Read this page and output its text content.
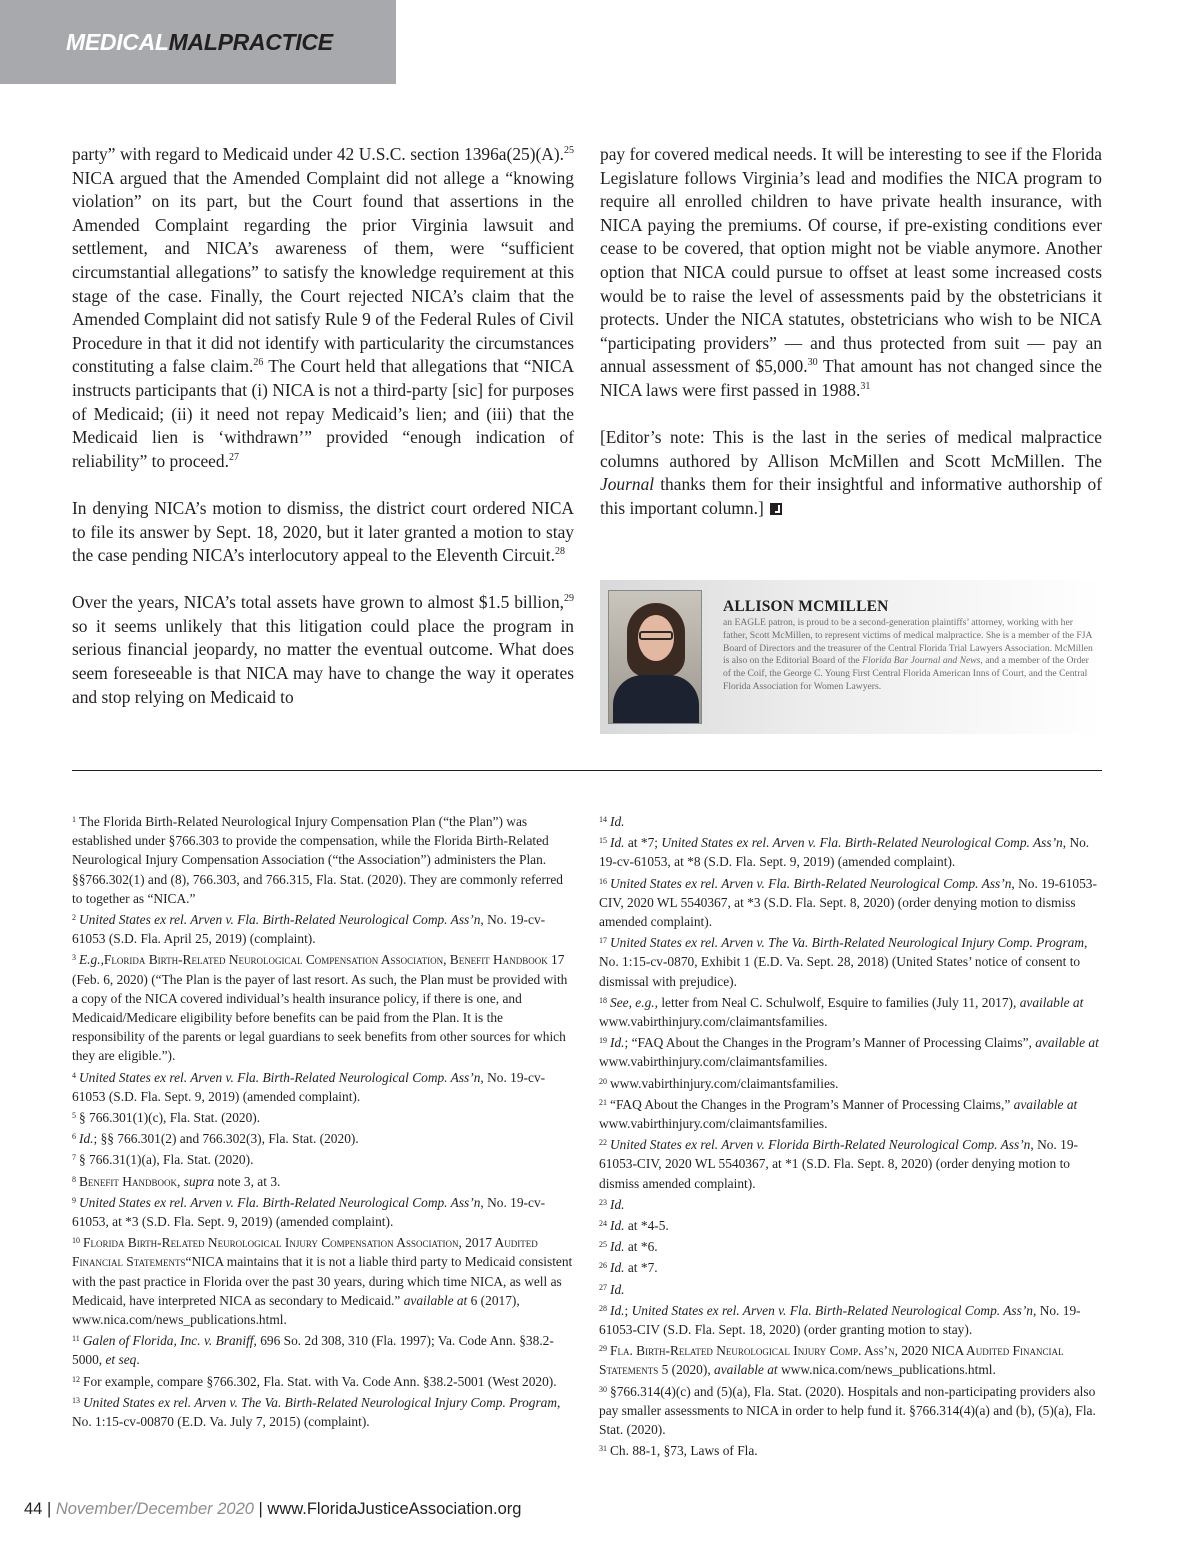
MEDICALMALPRACTICE

party” with regard to Medicaid under 42 U.S.C. section 1396a(25)(A).$^{25}$ NICA argued that the Amended Complaint did not allege a “knowing violation” on its part, but the Court found that assertions in the Amended Complaint regarding the prior Virginia lawsuit and settlement, and NICA’s awareness of them, were “sufficient circumstantial allegations” to satisfy the knowledge requirement at this stage of the case. Finally, the Court rejected NICA’s claim that the Amended Complaint did not satisfy Rule 9 of the Federal Rules of Civil Procedure in that it did not identify with particularity the circumstances constituting a false claim.$^{26}$ The Court held that allegations that “NICA instructs participants that (i) NICA is not a third-party [sic] for purposes of Medicaid; (ii) it need not repay Medicaid’s lien; and (iii) that the Medicaid lien is ‘withdrawn’” provided “enough indication of reliability” to proceed.$^{27}$

In denying NICA’s motion to dismiss, the district court ordered NICA to file its answer by Sept. 18, 2020, but it later granted a motion to stay the case pending NICA’s interlocutory appeal to the Eleventh Circuit.$^{28}$

Over the years, NICA’s total assets have grown to almost $1.5 billion,$^{29}$ so it seems unlikely that this litigation could place the program in serious financial jeopardy, no matter the eventual outcome. What does seem foreseeable is that NICA may have to change the way it operates and stop relying on Medicaid to

pay for covered medical needs. It will be interesting to see if the Florida Legislature follows Virginia’s lead and modifies the NICA program to require all enrolled children to have private health insurance, with NICA paying the premiums. Of course, if pre-existing conditions ever cease to be covered, that option might not be viable anymore. Another option that NICA could pursue to offset at least some increased costs would be to raise the level of assessments paid by the obstetricians it protects. Under the NICA statutes, obstetricians who wish to be NICA “participating providers” — and thus protected from suit — pay an annual assessment of $5,000.30 That amount has not changed since the NICA laws were first passed in 1988.31

[Editor’s note: This is the last in the series of medical malpractice columns authored by Allison McMillen and Scott McMillen. The Journal thanks them for their insightful and informative authorship of this important column.]

ALLISON MCMILLEN
an EAGLE patron, is proud to be a second-generation plaintiffs’ attorney, working with her father, Scott McMillen, to represent victims of medical malpractice. She is a member of the FJA Board of Directors and the treasurer of the Central Florida Trial Lawyers Association. McMillen is also on the Editorial Board of the Florida Bar Journal and News, and a member of the Order of the Coif, the George C. Young First Central Florida American Inns of Court, and the Central Florida Association for Women Lawyers.
$^1$ The Florida Birth-Related Neurological Injury Compensation Plan (“the Plan”) was established under §766.303 to provide the compensation, while the Florida Birth-Related Neurological Injury Compensation Association (“the Association”) administers the Plan. §§766.302(1) and (8), 766.303, and 766.315, Fla. Stat. (2020). They are commonly referred to together as “NICA.”
$^2$ United States ex rel. Arven v. Fla. Birth-Related Neurological Comp. Ass’n, No. 19-cv-61053 (S.D. Fla. April 25, 2019) (complaint).
$^3$ E.g.,Florida Birth-Related Neurological Compensation Association, Benefit Handbook 17 (Feb. 6, 2020) (“The Plan is the payer of last resort. As such, the Plan must be provided with a copy of the NICA covered individual’s health insurance policy, if there is one, and Medicaid/Medicare eligibility before benefits can be paid from the Plan. It is the responsibility of the parents or legal guardians to seek benefits from other sources for which they are eligible.”).
$^4$ United States ex rel. Arven v. Fla. Birth-Related Neurological Comp. Ass’n, No. 19-cv-61053 (S.D. Fla. Sept. 9, 2019) (amended complaint).
$^5$ § 766.301(1)(c), Fla. Stat. (2020).
$^6$ Id.; §§ 766.301(2) and 766.302(3), Fla. Stat. (2020).
$^7$ § 766.31(1)(a), Fla. Stat. (2020).
$^8$ Benefit Handbook, supra note 3, at 3.
$^9$ United States ex rel. Arven v. Fla. Birth-Related Neurological Comp. Ass’n, No. 19-cv-61053, at *3 (S.D. Fla. Sept. 9, 2019) (amended complaint).
$^{10}$ Florida Birth-Related Neurological Injury Compensation Association, 2017 Audited Financial Statements“NICA maintains that it is not a liable third party to Medicaid consistent with the past practice in Florida over the past 30 years, during which time NICA, as well as Medicaid, have interpreted NICA as secondary to Medicaid.” available at 6 (2017), www.nica.com/news_publications.html.
$^{11}$ Galen of Florida, Inc. v. Braniff, 696 So. 2d 308, 310 (Fla. 1997); Va. Code Ann. §38.2-5000, et seq.
$^{12}$ For example, compare §766.302, Fla. Stat. with Va. Code Ann. §38.2-5001 (West 2020).
$^{13}$ United States ex rel. Arven v. The Va. Birth-Related Neurological Injury Comp. Program, No. 1:15-cv-00870 (E.D. Va. July 7, 2015) (complaint).
$^{14}$ Id.
$^{15}$ Id. at *7; United States ex rel. Arven v. Fla. Birth-Related Neurological Comp. Ass’n, No. 19-cv-61053, at *8 (S.D. Fla. Sept. 9, 2019) (amended complaint).
$^{16}$ United States ex rel. Arven v. Fla. Birth-Related Neurological Comp. Ass’n, No. 19-61053-CIV, 2020 WL 5540367, at *3 (S.D. Fla. Sept. 8, 2020) (order denying motion to dismiss amended complaint).
$^{17}$ United States ex rel. Arven v. The Va. Birth-Related Neurological Injury Comp. Program, No. 1:15-cv-0870, Exhibit 1 (E.D. Va. Sept. 28, 2018) (United States’ notice of consent to dismissal with prejudice).
$^{18}$ See, e.g., letter from Neal C. Schulwolf, Esquire to families (July 11, 2017), available at www.vabirthinjury.com/claimantsfamilies.
$^{19}$ Id.; “FAQ About the Changes in the Program’s Manner of Processing Claims”, available at www.vabirthinjury.com/claimantsfamilies.
$^{20}$ www.vabirthinjury.com/claimantsfamilies.
$^{21}$ “FAQ About the Changes in the Program’s Manner of Processing Claims,” available at www.vabirthinjury.com/claimantsfamilies.
$^{22}$ United States ex rel. Arven v. Florida Birth-Related Neurological Comp. Ass’n, No. 19-61053-CIV, 2020 WL 5540367, at *1 (S.D. Fla. Sept. 8, 2020) (order denying motion to dismiss amended complaint).
$^{23}$ Id.
$^{24}$ Id. at *4-5.
$^{25}$ Id. at *6.
$^{26}$ Id. at *7.
$^{27}$ Id.
$^{28}$ Id.; United States ex rel. Arven v. Fla. Birth-Related Neurological Comp. Ass’n, No. 19-61053-CIV (S.D. Fla. Sept. 18, 2020) (order granting motion to stay).
$^{29}$ Fla. Birth-Related Neurological Injury Comp. Ass’n, 2020 NICA Audited Financial Statements 5 (2020), available at www.nica.com/news_publications.html.
$^{30}$ §766.314(4)(c) and (5)(a), Fla. Stat. (2020). Hospitals and non-participating providers also pay smaller assessments to NICA in order to help fund it. §766.314(4)(a) and (b), (5)(a), Fla. Stat. (2020).
$^{31}$ Ch. 88-1, §73, Laws of Fla.
44 | November/December 2020 | www.FloridaJusticeAssociation.org
